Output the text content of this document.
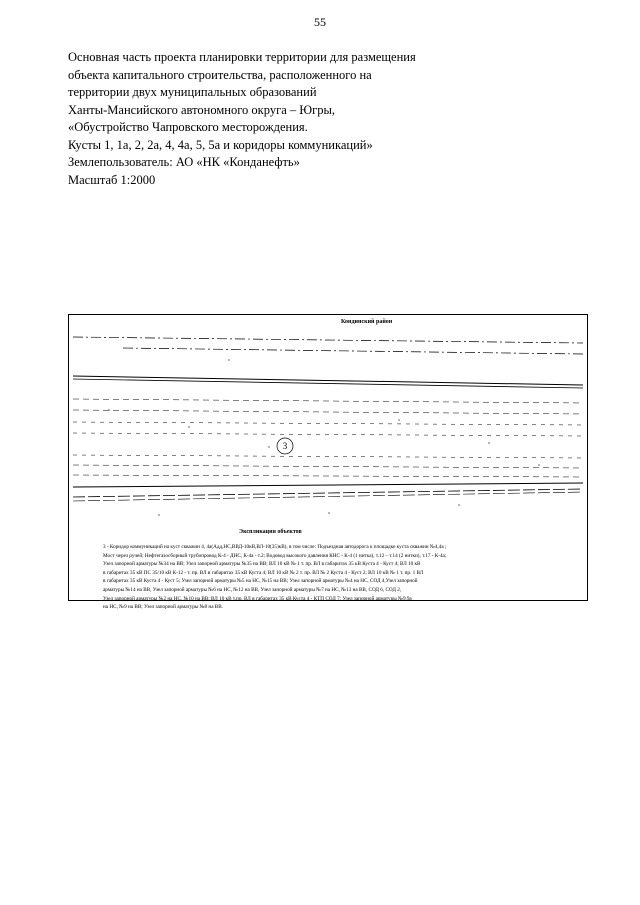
55
Основная часть проекта планировки территории для размещения
объекта капитального строительства, расположенного на
территории двух муниципальных образований
Ханты-Мансийского автономного округа – Югры,
«Обустройство Чапровского месторождения.
Кусты 1, 1а, 2, 2а, 4, 4а, 5, 5а и коридоры коммуникаций»
Землепользователь: АО «НК «Конданефть»
Масштаб 1:2000
3
Кондинский район
Экспликация объектов
3 - Коридор коммуникаций на куст скважин 4, 4а(Адд,НС,ВВД-10кВ,ВЛ-10(35)кВ), в том числе: Подъездная автодорога к площадке куста скважин №4,4а ;
Мост через ручей; Нефтегазосборный трубопровод К-4 - ДНС, К-4а - т.2; Водовод высокого давления КНС - К-4 (1 нитка), т.12 – т.14 (2 нитки), т.17 - К-4а;
Узел запорной арматуры №34 на ВВ; Узел запорной арматуры №35 на ВВ; ВЛ 10 кВ № 1 т. пр. ВЛ в габаритах 35 кВ Куста 4 - Куст 4; ВЛ 10 кВ
в габаритах 35 кВ ПС 35/10 кВ К-12 - т. пр. ВЛ в габаритах 35 кВ Куста 4; ВЛ 10 кВ № 2 т. пр. ВЛ № 2 Куста 4 - Куст 2; ВЛ 10 кВ № 1 т. пр. 1 ВЛ
в габаритах 35 кВ Куста 4 - Куст 5; Узел запорной арматуры №5 на НС, №15 на ВВ; Узел запорной арматуры №4 на НС, СОД 4,Узел запорной
арматуры №14 на ВВ, Узел запорной арматуры №6 на НС, №12 на ВВ, Узел запорной арматуры №7 на НС, №13 на ВВ, СОД 6, СОД 2,
Узел запорной арматуры №2 на НС, №10 на ВВ; ВЛ 10 кВ т.пр. ВЛ в габаритах 35 кВ Куста 4 - КТП СОД 7; Узел запорной арматуры №9,9а
на НС, №9 на ВВ; Узел запорной арматуры №8 на ВВ.
